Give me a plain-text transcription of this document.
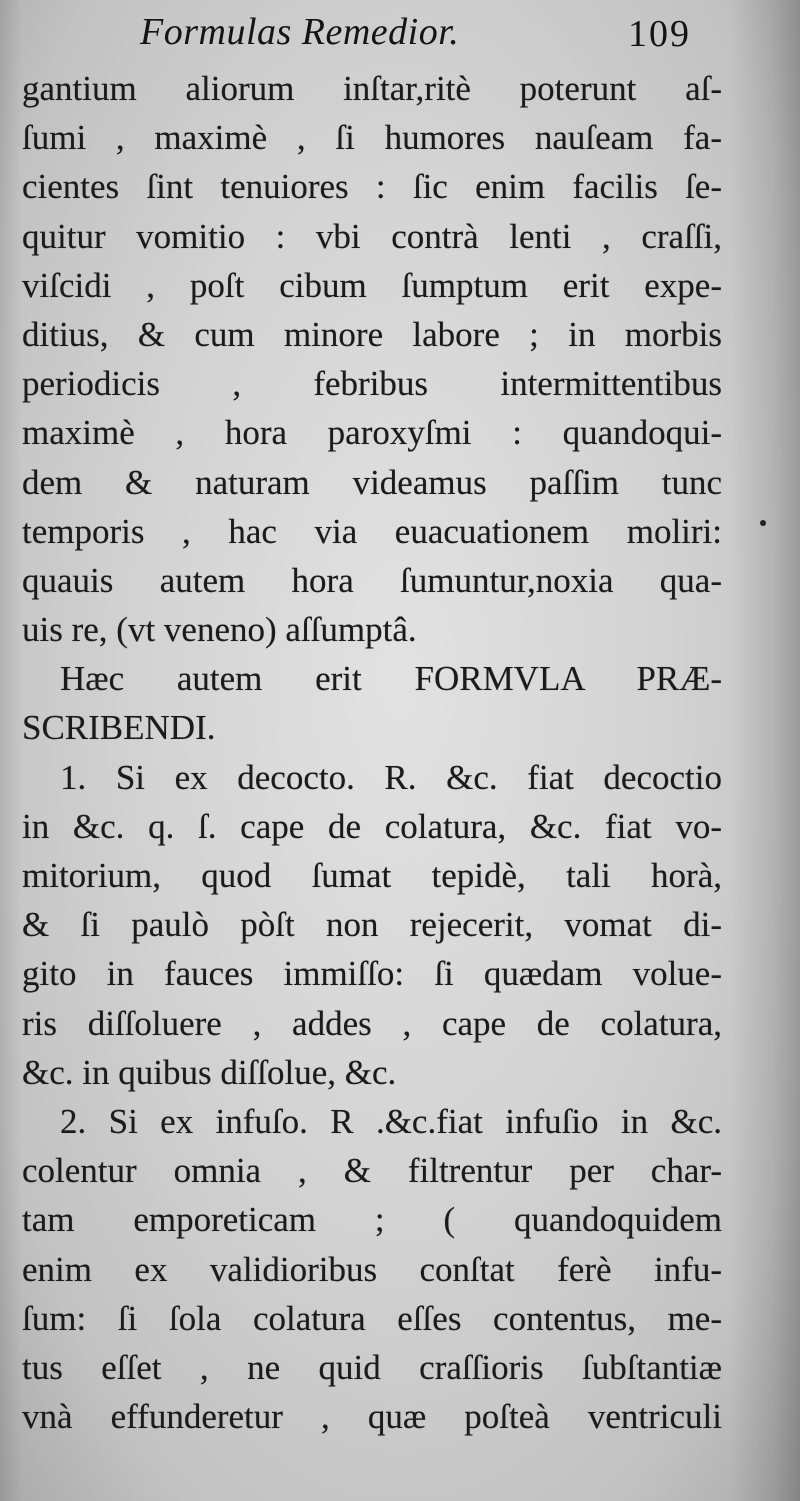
Formulas Remedior.	109
gantium aliorum inſtar,ritè poterunt aſ-
ſumi , maximè , ſi humores nauſeam fa-
cientes ſint tenuiores : ſic enim facilis ſe-
quitur vomitio : vbi contrà lenti , craſſi,
viſcidi , poſt cibum ſumptum erit expe-
ditius, & cum minore labore ; in morbis
periodicis , febribus intermittentibus
maximè , hora paroxyſmi : quandoqui-
dem & naturam videamus paſſim tunc
temporis , hac via euacuationem moliri:
quauis autem hora ſumuntur,noxia qua-
uis re, (vt veneno) aſſumptâ.
Hæc autem erit FORMVLA PRÆ-
SCRIBENDI.
1. Si ex decocto. R. &c. fiat decoctio
in &c. q. ſ. cape de colatura, &c. fiat vo-
mitorium, quod ſumat tepidè, tali horà,
& ſi paulò pòſt non rejecerit, vomat di-
gito in fauces immiſſo: ſi quædam volue-
ris diſſoluere , addes , cape de colatura,
&c. in quibus diſſolue, &c.
2. Si ex infuſo. R .&c.fiat infuſio in &c.
colentur omnia , & filtrentur per char-
tam emporeticam ; ( quandoquidem
enim ex validioribus conſtat ferè infu-
ſum: ſi ſola colatura eſſes contentus, me-
tus eſſet , ne quid craſſioris ſubſtantiæ
vnà effunderetur , quæ poſteà ventriculi
